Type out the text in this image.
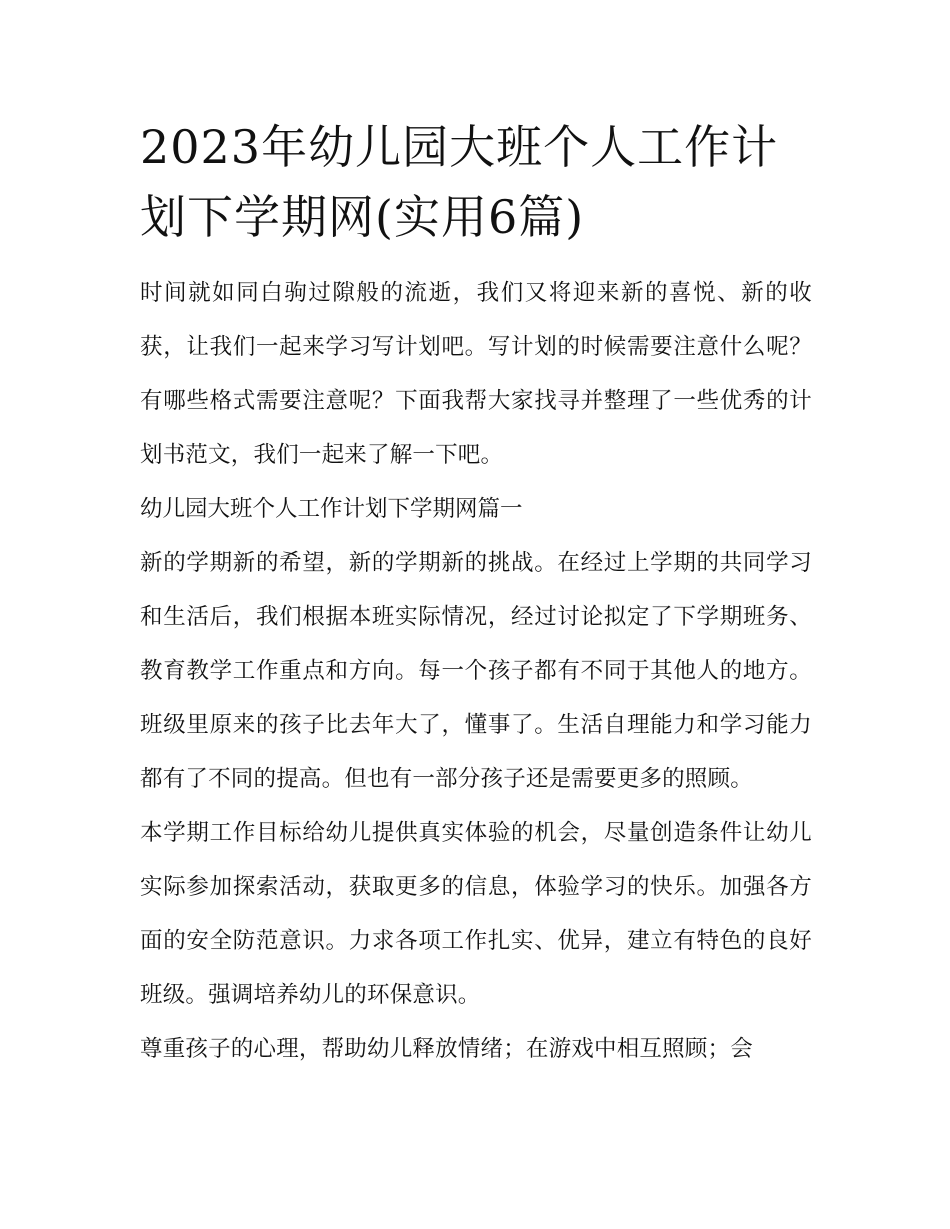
2023年幼儿园大班个人工作计划下学期网(实用6篇)

时间就如同白驹过隙般的流逝，我们又将迎来新的喜悦、新的收获，让我们一起来学习写计划吧。写计划的时候需要注意什么呢？有哪些格式需要注意呢？下面我帮大家找寻并整理了一些优秀的计划书范文，我们一起来了解一下吧。

幼儿园大班个人工作计划下学期网篇一

新的学期新的希望，新的学期新的挑战。在经过上学期的共同学习和生活后，我们根据本班实际情况，经过讨论拟定了下学期班务、教育教学工作重点和方向。每一个孩子都有不同于其他人的地方。班级里原来的孩子比去年大了，懂事了。生活自理能力和学习能力都有了不同的提高。但也有一部分孩子还是需要更多的照顾。

本学期工作目标给幼儿提供真实体验的机会，尽量创造条件让幼儿实际参加探索活动，获取更多的信息，体验学习的快乐。加强各方面的安全防范意识。力求各项工作扎实、优异，建立有特色的良好班级。强调培养幼儿的环保意识。

尊重孩子的心理，帮助幼儿释放情绪；在游戏中相互照顾；会
